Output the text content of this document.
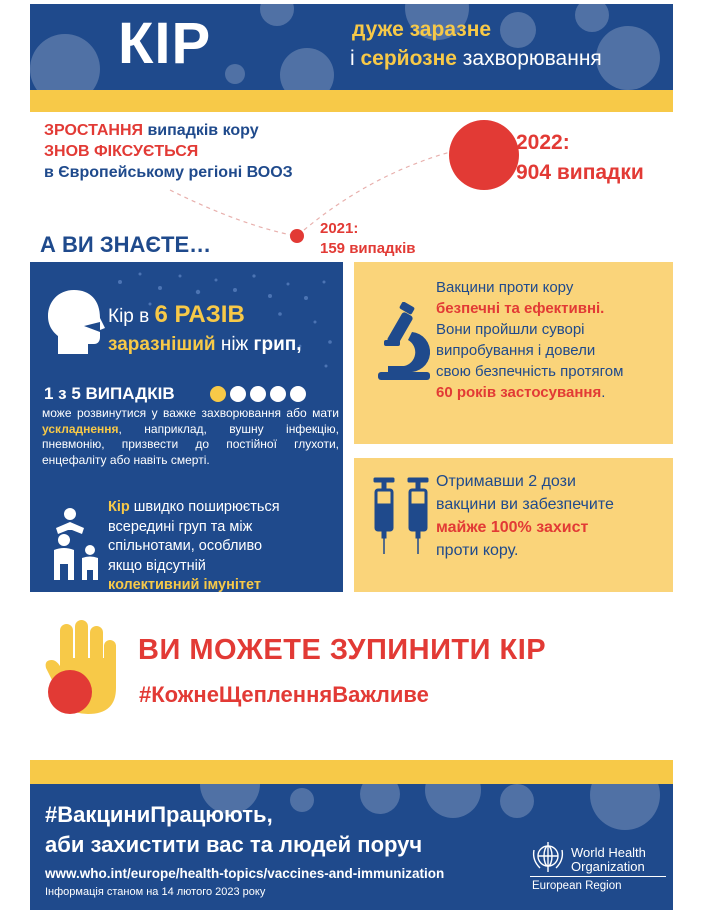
КІР	дуже заразне
і серйозне захворювання
ЗРОСТАННЯ випадків кору
ЗНОВ ФІКСУЄТЬСЯ
в Європейському регіоні ВООЗ
2022:
904 випадки
2021:
159 випадків
А ВИ ЗНАЄТЕ…
Кір в 6 РАЗІВ
заразніший ніж грип,
1 з 5 ВИПАДКІВ
може розвинутися у важке захворювання або мати ускладнення, наприклад, вушну інфекцію, пневмонію, призвести до постійної глухоти, енцефаліту або навіть смерті.
Кір швидко поширюється
всередині груп та між
спільнотами, особливо
якщо відсутній
колективний імунітет
Вакцини проти кору
безпечні та ефективні.
Вони пройшли суворі
випробування і довели
свою безпечність протягом
60 років застосування.
Отримавши 2 дози
вакцини ви забезпечите
майже 100% захист
проти кору.
ВИ МОЖЕТЕ ЗУПИНИТИ КІР
#КожнеЩепленняВажливе
#ВакциниПрацюють,
аби захистити вас та людей поруч
www.who.int/europe/health-topics/vaccines-and-immunization
Інформація станом на 14 лютого 2023 року
World Health
Organization
European Region
